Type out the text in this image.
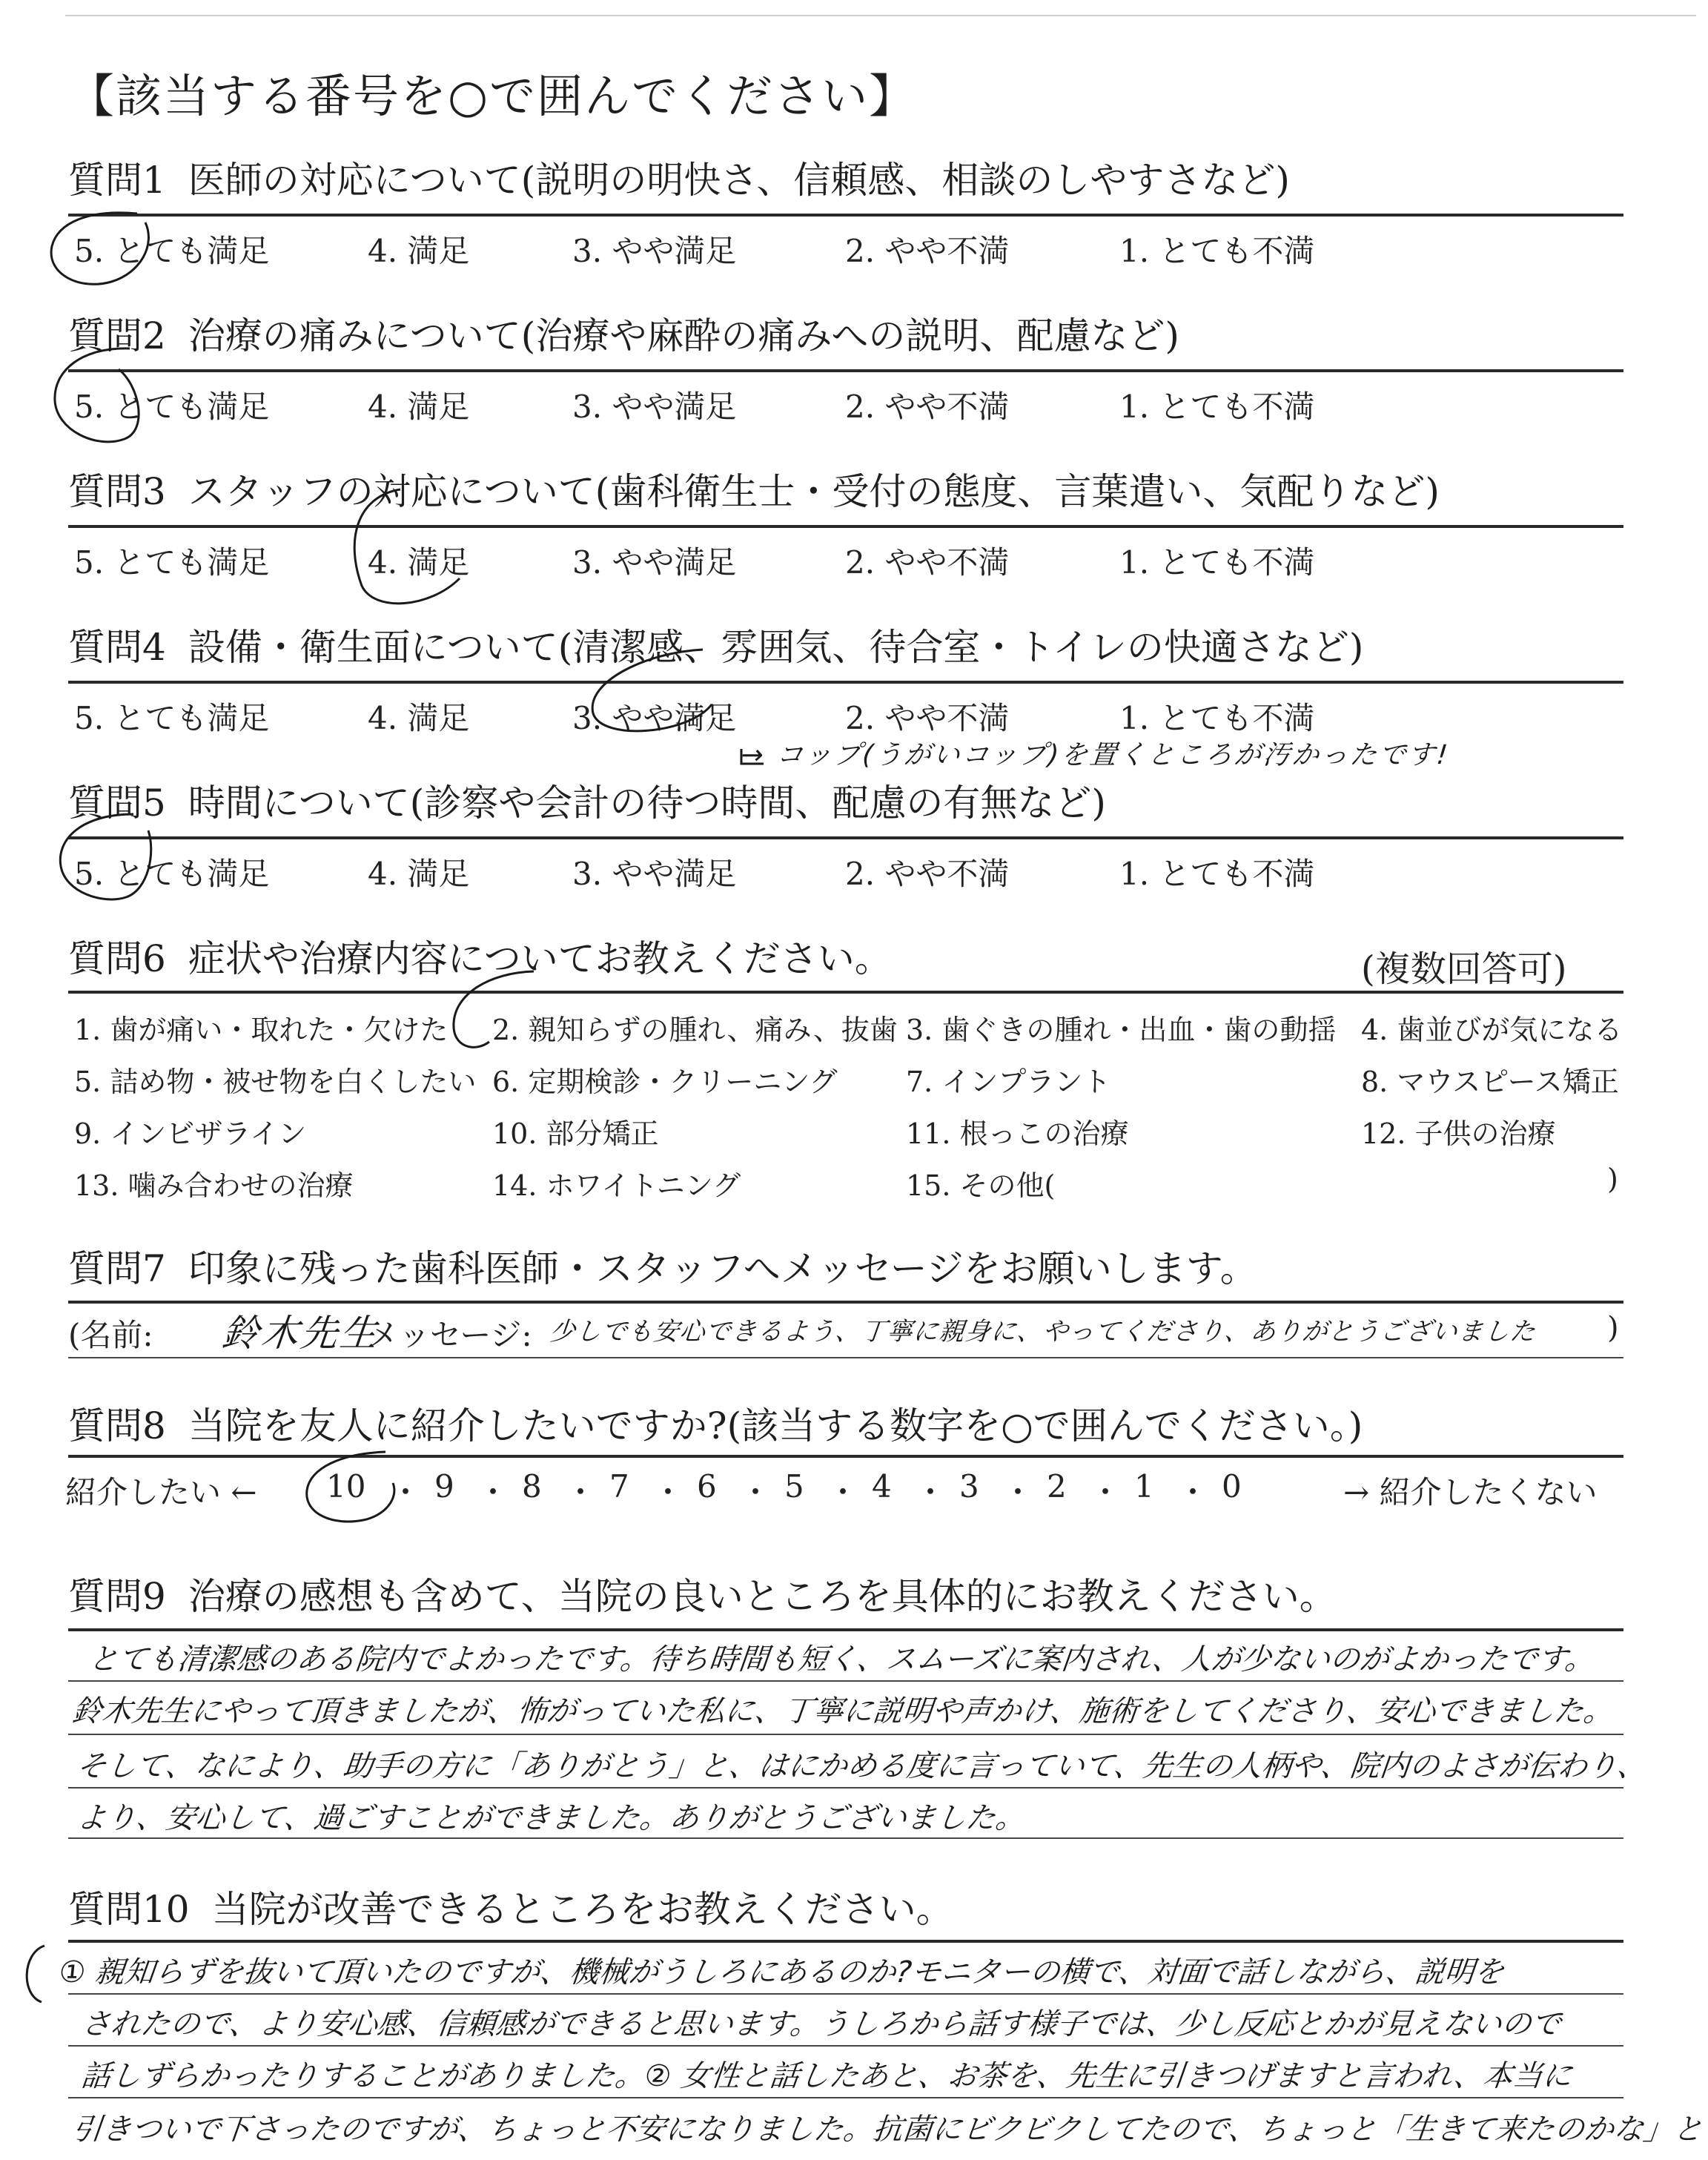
【該当する番号を○で囲んでください】
質問1 医師の対応について(説明の明快さ、信頼感、相談のしやすさなど)
5. とても満足	4. 満足	3. やや満足	2. やや不満	1. とても不満
質問2 治療の痛みについて(治療や麻酔の痛みへの説明、配慮など)
5. とても満足	4. 満足	3. やや満足	2. やや不満	1. とても不満
質問3 スタッフの対応について(歯科衛生士・受付の態度、言葉遣い、気配りなど)
5. とても満足	4. 満足	3. やや満足	2. やや不満	1. とても不満
質問4 設備・衛生面について(清潔感、雰囲気、待合室・トイレの快適さなど)
5. とても満足	4. 満足	3. やや満足	2. やや不満	1. とても不満
→ コップ(うがいコップ)を置くところが汚かったです!
質問5 時間について(診察や会計の待つ時間、配慮の有無など)
5. とても満足	4. 満足	3. やや満足	2. やや不満	1. とても不満
質問6 症状や治療内容についてお教えください。	(複数回答可)
1. 歯が痛い・取れた・欠けた 2. 親知らずの腫れ、痛み、抜歯 3. 歯ぐきの腫れ・出血・歯の動揺 4. 歯並びが気になる
5. 詰め物・被せ物を白くしたい 6. 定期検診・クリーニング 7. インプラント	8. マウスピース矯正
9. インビザライン	10. 部分矯正	11. 根っこの治療	12. 子供の治療
13. 噛み合わせの治療	14. ホワイトニング	15. その他(	)
質問7 印象に残った歯科医師・スタッフへメッセージをお願いします。
(名前: 鈴木先生
メッセージ: 少しでも安心できるよう、丁寧に親身に、やってくださり、ありがとうございました )
質問8 当院を友人に紹介したいですか?(該当する数字を○で囲んでください。)
紹介したい ← 10 ・ 9 ・ 8 ・ 7 ・ 6 ・ 5 ・ 4 ・ 3 ・ 2 ・ 1 ・ 0	→ 紹介したくない
質問9 治療の感想も含めて、当院の良いところを具体的にお教えください。
とても清潔感のある院内でよかったです。待ち時間も短く、スムーズに案内され、人が少ないのがよかったです。
鈴木先生にやって頂きましたが、怖がっていた私に、丁寧に説明や声かけ、施術をしてくださり、安心できました。
そして、なにより、助手の方に「ありがとう」と、はにかめる度に言っていて、先生の人柄や、院内のよさが伝わり、
より、安心して、過ごすことができました。ありがとうございました。
質問10 当院が改善できるところをお教えください。
① 親知らずを抜いて頂いたのですが、機械がうしろにあるのか?モニターの横で、対面で話しながら、説明を
されたので、より安心感、信頼感ができると思います。うしろから話す様子では、少し反応とかが見えないので
話しずらかったりすることがありました。② 女性と話したあと、お茶を、先生に引きつげますと言われ、本当に
引きついで下さったのですが、ちょっと不安になりました。抗菌にビクビクしてたので、ちょっと「生きて来たのかな」と
